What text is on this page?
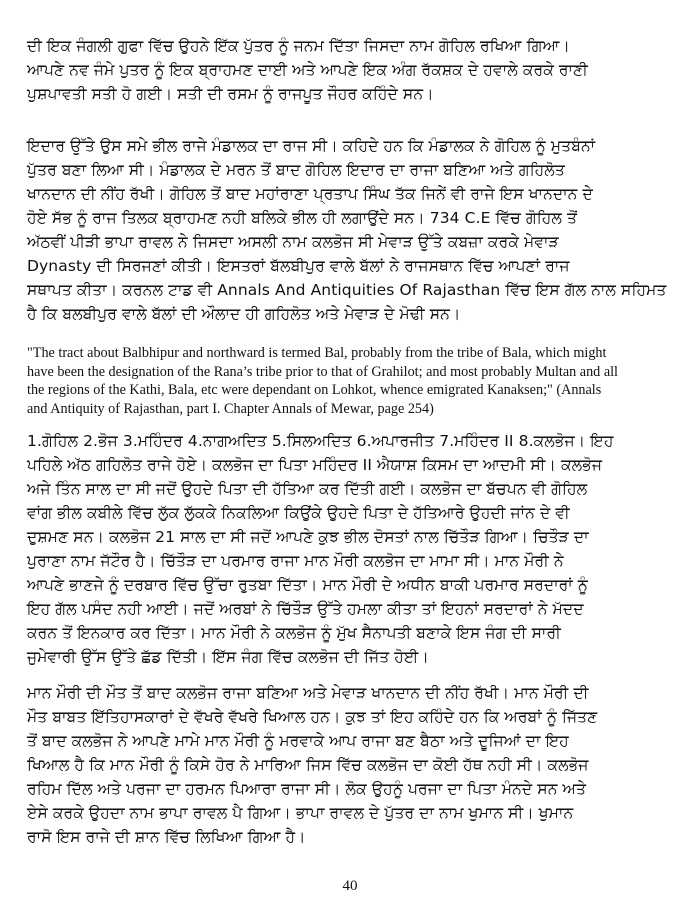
ਦੀ ਇਕ ਜੰਗਲੀ ਗੁਫਾ ਵਿੱਚ ਉਹਨੇ ਇੱਕ ਪੁੱਤਰ ਨੂੰ ਜਨਮ ਦਿੱਤਾ ਜਿਸਦਾ ਨਾਮ ਗੋਹਿਲ ਰਖਿਆ ਗਿਆ।
ਆਪਣੇ ਨਵ ਜੰਮੇ ਪੁਤਰ ਨੂੰ ਇਕ ਬ੍ਰਾਹਮਣ ਦਾਈ ਅਤੇ ਆਪਣੇ ਇਕ ਅੰਗ ਰੱਕਸ਼ਕ ਦੇ ਹਵਾਲੇ ਕਰਕੇ ਰਾਣੀ
ਪੁਸ਼ਪਾਵਤੀ ਸਤੀ ਹੋ ਗਈ। ਸਤੀ ਦੀ ਰਸਮ ਨੂੰ ਰਾਜਪੂਤ ਜੌਹਰ ਕਹਿੰਦੇ ਸਨ।
ਇਦਾਰ ਉੱਤੇ ਉਸ ਸਮੇ ਭੀਲ ਰਾਜੇ ਮੰਡਾਲਕ ਦਾ ਰਾਜ ਸੀ। ਕਹਿਦੇ ਹਨ ਕਿ ਮੰਡਾਲਕ ਨੇ ਗੋਹਿਲ ਨੂੰ ਮੁਤਬੰਨਾਂ
ਪੁੱਤਰ ਬਣਾ ਲਿਆ ਸੀ। ਮੰਡਾਲਕ ਦੇ ਮਰਨ ਤੋਂ ਬਾਦ ਗੋਹਿਲ ਇਦਾਰ ਦਾ ਰਾਜਾ ਬਣਿਆ ਅਤੇ ਗਹਿਲੋਤ
ਖਾਨਦਾਨ ਦੀ ਨੀਂਹ ਰੱਖੀ। ਗੋਹਿਲ ਤੋਂ ਬਾਦ ਮਹਾਂਰਾਣਾ ਪ੍ਰਤਾਪ ਸਿੰਘ ਤੱਕ ਜਿਨੇਂ ਵੀ ਰਾਜੇ ਇਸ ਖਾਨਦਾਨ ਦੇ
ਹੋਏ ਸੱਭ ਨੂੰ ਰਾਜ ਤਿਲਕ ਬ੍ਰਾਹਮਣ ਨਹੀ ਬਲਿਕੇ ਭੀਲ ਹੀ ਲਗਾਉਂਦੇ ਸਨ। 734 C.E ਵਿੱਚ ਗੋਹਿਲ ਤੋਂ
ਅੱਠਵੀਂ ਪੀੜੀ ਭਾਪਾ ਰਾਵਲ ਨੇ ਜਿਸਦਾ ਅਸਲੀ ਨਾਮ ਕਲਭੋਜ ਸੀ ਮੇਵਾੜ ਉੱਤੇ ਕਬਜ਼ਾ ਕਰਕੇ ਮੇਵਾੜ
Dynasty ਦੀ ਸਿਰਜਣਾਂ ਕੀਤੀ। ਇਸਤਰਾਂ ਬੱਲਬੀਪੁਰ ਵਾਲੇ ਬੱਲਾਂ ਨੇ ਰਾਜਸਥਾਨ ਵਿੱਚ ਆਪਣਾਂ ਰਾਜ
ਸਥਾਪਤ ਕੀਤਾ। ਕਰਨਲ ਟਾਡ ਵੀ Annals And Antiquities Of Rajasthan ਵਿੱਚ ਇਸ ਗੱਲ ਨਾਲ ਸਹਿਮਤ
ਹੈ ਕਿ ਬਲਬੀਪੁਰ ਵਾਲੇ ਬੱਲਾਂ ਦੀ ਔਲਾਦ ਹੀ ਗਹਿਲੋਤ ਅਤੇ ਮੇਵਾੜ ਦੇ ਮੋਢੀ ਸਨ।
"The tract about Balbhipur and northward is termed Bal, probably from the tribe of Bala, which might
have been the designation of the Rana’s tribe prior to that of Grahilot; and most probably Multan and all
the regions of the Kathi, Bala, etc were dependant on Lohkot, whence emigrated Kanaksen;" (Annals
and Antiquity of Rajasthan, part I. Chapter Annals of Mewar, page 254)
1.ਗੋਹਿਲ 2.ਭੋਜ 3.ਮਹਿੰਦਰ 4.ਨਾਗਅਦਿਤ 5.ਸਿਲਅਦਿਤ 6.ਅਪਾਰਜੀਤ 7.ਮਹਿੰਦਰ II 8.ਕਲਭੋਜ। ਇਹ
ਪਹਿਲੇ ਅੱਠ ਗਹਿਲੋਤ ਰਾਜੇ ਹੋਏ। ਕਲਭੋਜ ਦਾ ਪਿਤਾ ਮਹਿੰਦਰ II ਐਯਾਸ਼ ਕਿਸਮ ਦਾ ਆਦਮੀ ਸੀ। ਕਲਭੋਜ
ਅਜੇ ਤਿੰਨ ਸਾਲ ਦਾ ਸੀ ਜਦੋਂ ਉਹਦੇ ਪਿਤਾ ਦੀ ਹੱਤਿਆ ਕਰ ਦਿੱਤੀ ਗਈ। ਕਲਭੋਜ ਦਾ ਬੱਚਪਨ ਵੀ ਗੋਹਿਲ
ਵਾਂਗ ਭੀਲ ਕਬੀਲੇ ਵਿੱਚ ਲੁੱਕ ਲੁੱਕਕੇ ਨਿਕਲਿਆ ਕਿਉਂਕੇ ਉਹਦੇ ਪਿਤਾ ਦੇ ਹੱਤਿਆਰੇ ਉਹਦੀ ਜਾਂਨ ਦੇ ਵੀ
ਦੁਸ਼ਮਣ ਸਨ। ਕਲਭੋਜ 21 ਸਾਲ ਦਾ ਸੀ ਜਦੋਂ ਆਪਣੇ ਕੁਝ ਭੀਲ ਦੋਸਤਾਂ ਨਾਲ ਚਿੱਤੌੜ ਗਿਆ। ਚਿਤੌੜ ਦਾ
ਪੁਰਾਣਾ ਨਾਮ ਜੱਟੌਰ ਹੈ। ਚਿੱਤੌੜ ਦਾ ਪਰਮਾਰ ਰਾਜਾ ਮਾਨ ਮੌਰੀ ਕਲਭੋਜ ਦਾ ਮਾਮਾ ਸੀ। ਮਾਨ ਮੌਰੀ ਨੇ
ਆਪਣੇ ਭਾਣਜੇ ਨੂੰ ਦਰਬਾਰ ਵਿੱਚ ਉੱਚਾ ਰੁਤਬਾ ਦਿੱਤਾ। ਮਾਨ ਮੌਰੀ ਦੇ ਅਧੀਨ ਬਾਕੀ ਪਰਮਾਰ ਸਰਦਾਰਾਂ ਨੂੰ
ਇਹ ਗੱਲ ਪਸੰਦ ਨਹੀ ਆਈ। ਜਦੋਂ ਅਰਬਾਂ ਨੇ ਚਿੱਤੌੜ ਉੱਤੇ ਹਮਲਾ ਕੀਤਾ ਤਾਂ ਇਹਨਾਂ ਸਰਦਾਰਾਂ ਨੇ ਮੱਦਦ
ਕਰਨ ਤੋਂ ਇਨਕਾਰ ਕਰ ਦਿੱਤਾ। ਮਾਨ ਮੌਰੀ ਨੇ ਕਲਭੋਜ ਨੂੰ ਮੁੱਖ ਸੈਨਾਪਤੀ ਬਣਾਕੇ ਇਸ ਜੰਗ ਦੀ ਸਾਰੀ
ਜੁਮੇਵਾਰੀ ਉੱਸ ਉੱਤੇ ਛੱਡ ਦਿੱਤੀ। ਇੱਸ ਜੰਗ ਵਿੱਚ ਕਲਭੋਜ ਦੀ ਜਿੱਤ ਹੋਈ।
ਮਾਨ ਮੌਰੀ ਦੀ ਮੌਤ ਤੋਂ ਬਾਦ ਕਲਭੋਜ ਰਾਜਾ ਬਣਿਆ ਅਤੇ ਮੇਵਾੜ ਖਾਨਦਾਨ ਦੀ ਨੀਂਹ ਰੱਖੀ। ਮਾਨ ਮੌਰੀ ਦੀ
ਮੌਤ ਬਾਬਤ ਇੱਤਿਹਾਸਕਾਰਾਂ ਦੇ ਵੱਖਰੇ ਵੱਖਰੇ ਖਿਆਲ ਹਨ। ਕੁਝ ਤਾਂ ਇਹ ਕਹਿੰਦੇ ਹਨ ਕਿ ਅਰਬਾਂ ਨੂੰ ਜਿੱਤਣ
ਤੋਂ ਬਾਦ ਕਲਭੋਜ ਨੇ ਆਪਣੇ ਮਾਮੇ ਮਾਨ ਮੌਰੀ ਨੂੰ ਮਰਵਾਕੇ ਆਪ ਰਾਜਾ ਬਣ ਬੈਠਾ ਅਤੇ ਦੂਜਿਆਂ ਦਾ ਇਹ
ਖਿਆਲ ਹੈ ਕਿ ਮਾਨ ਮੌਰੀ ਨੂੰ ਕਿਸੇ ਹੋਰ ਨੇ ਮਾਰਿਆ ਜਿਸ ਵਿੱਚ ਕਲਭੋਜ ਦਾ ਕੋਈ ਹੱਥ ਨਹੀ ਸੀ। ਕਲਭੋਜ
ਰਹਿਮ ਦਿੱਲ ਅਤੇ ਪਰਜਾ ਦਾ ਹਰਮਨ ਪਿਆਰਾ ਰਾਜਾ ਸੀ। ਲੋਕ ਉਹਨੂੰ ਪਰਜਾ ਦਾ ਪਿਤਾ ਮੰਨਦੇ ਸਨ ਅਤੇ
ਏਸੇ ਕਰਕੇ ਉਹਦਾ ਨਾਮ ਭਾਪਾ ਰਾਵਲ ਪੈ ਗਿਆ। ਭਾਪਾ ਰਾਵਲ ਦੇ ਪੁੱਤਰ ਦਾ ਨਾਮ ਖੁਮਾਨ ਸੀ। ਖੁਮਾਨ
ਰਾਸੋ ਇਸ ਰਾਜੇ ਦੀ ਸ਼ਾਨ ਵਿੱਚ ਲਿਖਿਆ ਗਿਆ ਹੈ।
40
